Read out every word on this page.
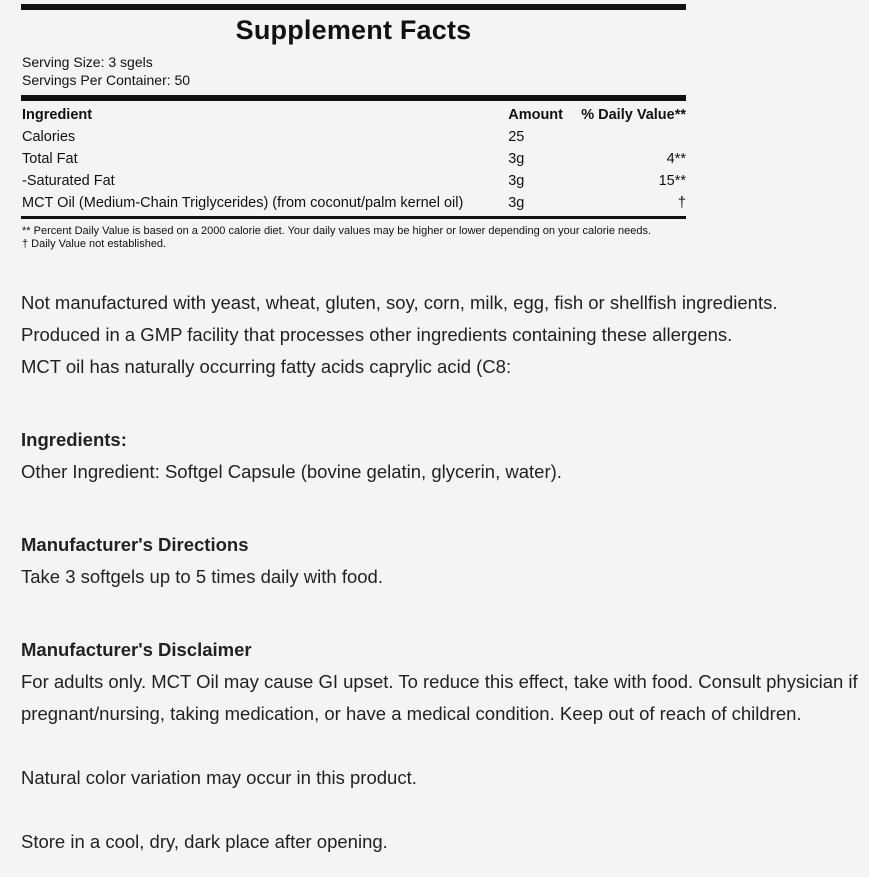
Supplement Facts
Serving Size: 3 sgels
Servings Per Container: 50
Ingredient	Amount	% Daily Value**
Calories	25	
Total Fat	3g	4**
-Saturated Fat	3g	15**
MCT Oil (Medium-Chain Triglycerides) (from coconut/palm kernel oil)	3g	†
** Percent Daily Value is based on a 2000 calorie diet. Your daily values may be higher or lower depending on your calorie needs.
† Daily Value not established.

Not manufactured with yeast, wheat, gluten, soy, corn, milk, egg, fish or shellfish ingredients. Produced in a GMP facility that processes other ingredients containing these allergens.

MCT oil has naturally occurring fatty acids caprylic acid (C8:

Ingredients:

Other Ingredient: Softgel Capsule (bovine gelatin, glycerin, water).

Manufacturer's Directions

Take 3 softgels up to 5 times daily with food.

Manufacturer's Disclaimer

For adults only. MCT Oil may cause GI upset. To reduce this effect, take with food. Consult physician if pregnant/nursing, taking medication, or have a medical condition. Keep out of reach of children.

Natural color variation may occur in this product.

Store in a cool, dry, dark place after opening.
